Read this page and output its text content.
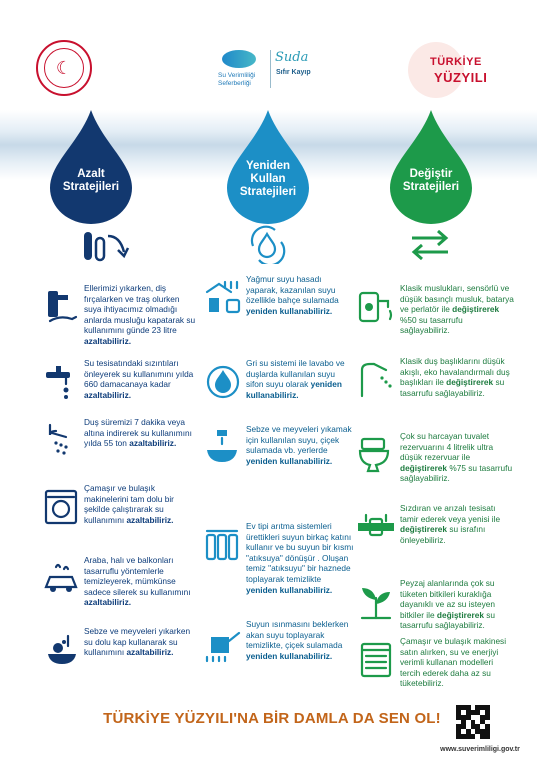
☾	Su Verimliliği Seferberliği
Suda
Sıfır Kayıp
TÜRKİYE
YÜZYILI
Azalt
Stratejileri
Yeniden
Kullan
Stratejileri
Değiştir
Stratejileri
Ellerimizi yıkarken, diş fırçalarken ve traş olurken suya ihtiyacımız olmadığı anlarda musluğu kapatarak su kullanımını günde 23 litre azaltabiliriz.
Su tesisatındaki sızıntıları önleyerek su kullanımını yılda 660 damacanaya kadar azaltabiliriz.
Duş süremizi 7 dakika veya altına indirerek su kullanımını yılda 55 ton azaltabiliriz.
Çamaşır ve bulaşık makinelerini tam dolu bir şekilde çalıştırarak su kullanımını azaltabiliriz.
Araba, halı ve balkonları tasarruflu yöntemlerle temizleyerek, mümkünse sadece silerek su kullanımını azaltabiliriz.
Sebze ve meyveleri yıkarken su dolu kap kullanarak su kullanımını azaltabiliriz.
Yağmur suyu hasadı yaparak, kazanılan suyu özellikle bahçe sulamada yeniden kullanabiliriz.
Gri su sistemi ile lavabo ve duşlarda kullanılan suyu sifon suyu olarak yeniden kullanabiliriz.
Sebze ve meyveleri yıkamak için kullanılan suyu, çiçek sulamada vb. yerlerde yeniden kullanabiliriz.
Ev tipi arıtma sistemleri ürettikleri suyun birkaç katını kullanır ve bu suyun bir kısmı "atıksuya" dönüşür . Oluşan temiz "atıksuyu" bir haznede toplayarak temizlikte yeniden kullanabiliriz.
Suyun ısınmasını beklerken akan suyu toplayarak temizlikte, çiçek sulamada yeniden kullanabiliriz.
Klasik muslukları, sensörlü ve düşük basınçlı musluk, batarya ve perlatör ile değiştirerek %50 su tasarrufu sağlayabiliriz.
Klasik duş başlıklarını düşük akışlı, eko havalandırmalı duş başlıkları ile değiştirerek su tasarrufu sağlayabiliriz.
Çok su harcayan tuvalet rezervuarını 4 litrelik ultra düşük rezervuar ile değiştirerek %75 su tasarrufu sağlayabiliriz.
Sızdıran ve arızalı tesisatı tamir ederek veya yenisi ile değiştirerek su israfını önleyebiliriz.
Peyzaj alanlarında çok su tüketen bitkileri kuraklığa dayanıklı ve az su isteyen bitkiler ile değiştirerek su tasarrufu sağlayabiliriz.
Çamaşır ve bulaşık makinesi satın alırken, su ve enerjiyi verimli kullanan modelleri tercih ederek daha az su tüketebiliriz.
TÜRKİYE YÜZYILI'NA BİR DAMLA DA SEN OL!
www.suverimliligi.gov.tr
